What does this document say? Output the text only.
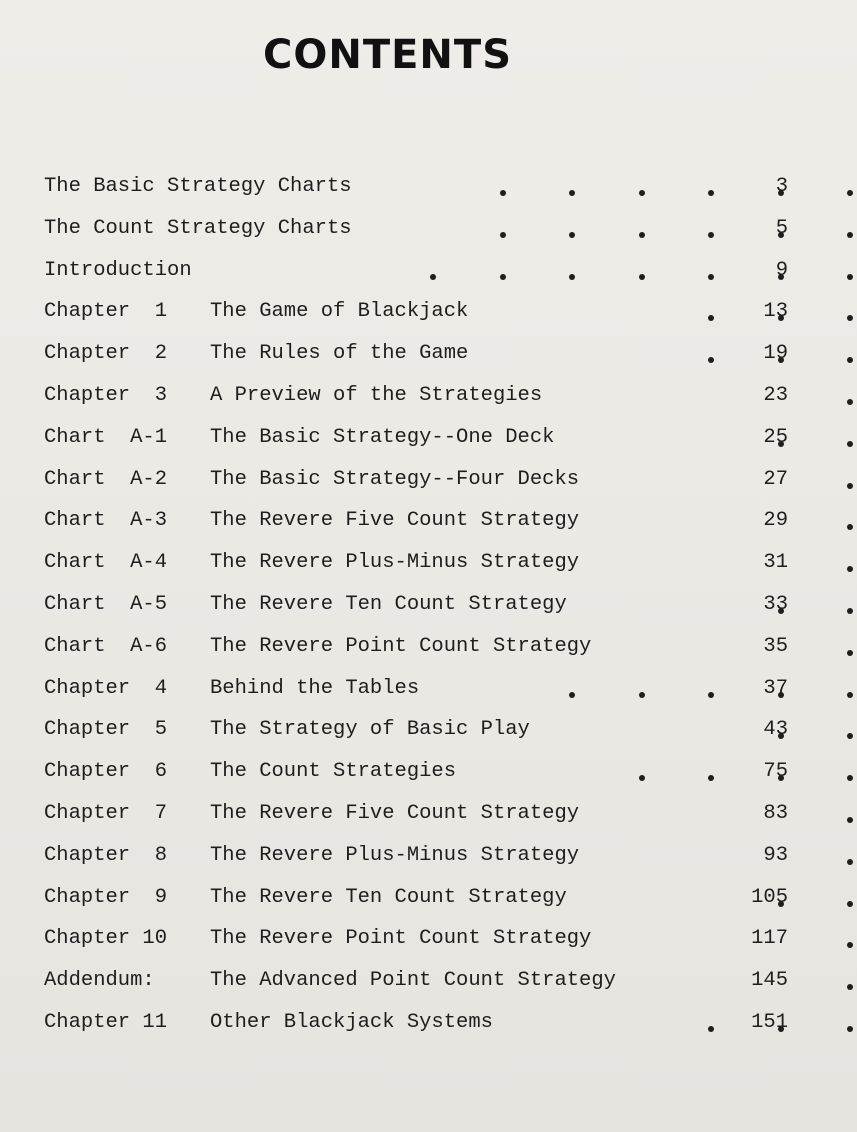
CONTENTS
The Basic Strategy Charts	3
The Count Strategy Charts	5
Introduction	9
Chapter  1 The Game of Blackjack	13
Chapter  2 The Rules of the Game	19
Chapter  3 A Preview of the Strategies	23
Chart  A-1 The Basic Strategy--One Deck	25
Chart  A-2 The Basic Strategy--Four Decks	27
Chart  A-3 The Revere Five Count Strategy	29
Chart  A-4 The Revere Plus-Minus Strategy	31
Chart  A-5 The Revere Ten Count Strategy	33
Chart  A-6 The Revere Point Count Strategy	35
Chapter  4 Behind the Tables	37
Chapter  5 The Strategy of Basic Play	43
Chapter  6 The Count Strategies	75
Chapter  7 The Revere Five Count Strategy	83
Chapter  8 The Revere Plus-Minus Strategy	93
Chapter  9 The Revere Ten Count Strategy	105
Chapter 10 The Revere Point Count Strategy	117
Addendum:	The Advanced Point Count Strategy	145
Chapter 11 Other Blackjack Systems	151
